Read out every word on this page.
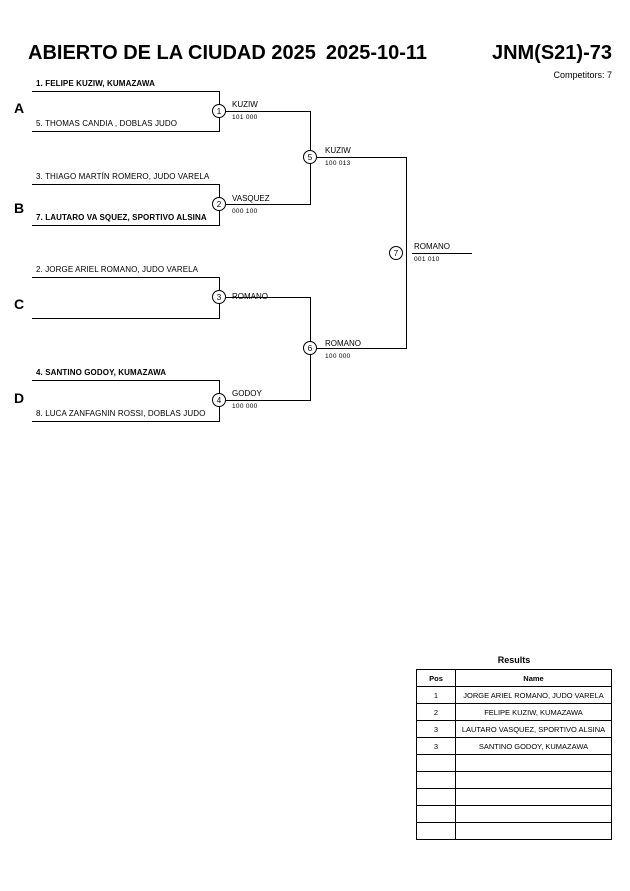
ABIERTO DE LA CIUDAD 2025 2025-10-11	JNM(S21)-73
Competitors: 7
A
B
C
D
1. FELIPE KUZIW, KUMAZAWA
5. THOMAS CANDIA , DOBLAS JUDO
3. THIAGO MARTÍN ROMERO, JUDO VARELA
7. LAUTARO VA SQUEZ, SPORTIVO ALSINA
2. JORGE ARIEL ROMANO, JUDO VARELA
4. SANTINO GODOY, KUMAZAWA
8. LUCA ZANFAGNIN ROSSI, DOBLAS JUDO
1
KUZIW
101 000
2
VASQUEZ
000 100
3	ROMANO
4
GODOY
100 000
5
KUZIW
100 013
6
ROMANO
100 000
7
ROMANO
001 010
Results
Pos	Name
1	JORGE ARIEL ROMANO, JUDO VARELA
2	FELIPE KUZIW, KUMAZAWA
3	LAUTARO VASQUEZ, SPORTIVO ALSINA
3	SANTINO GODOY, KUMAZAWA
